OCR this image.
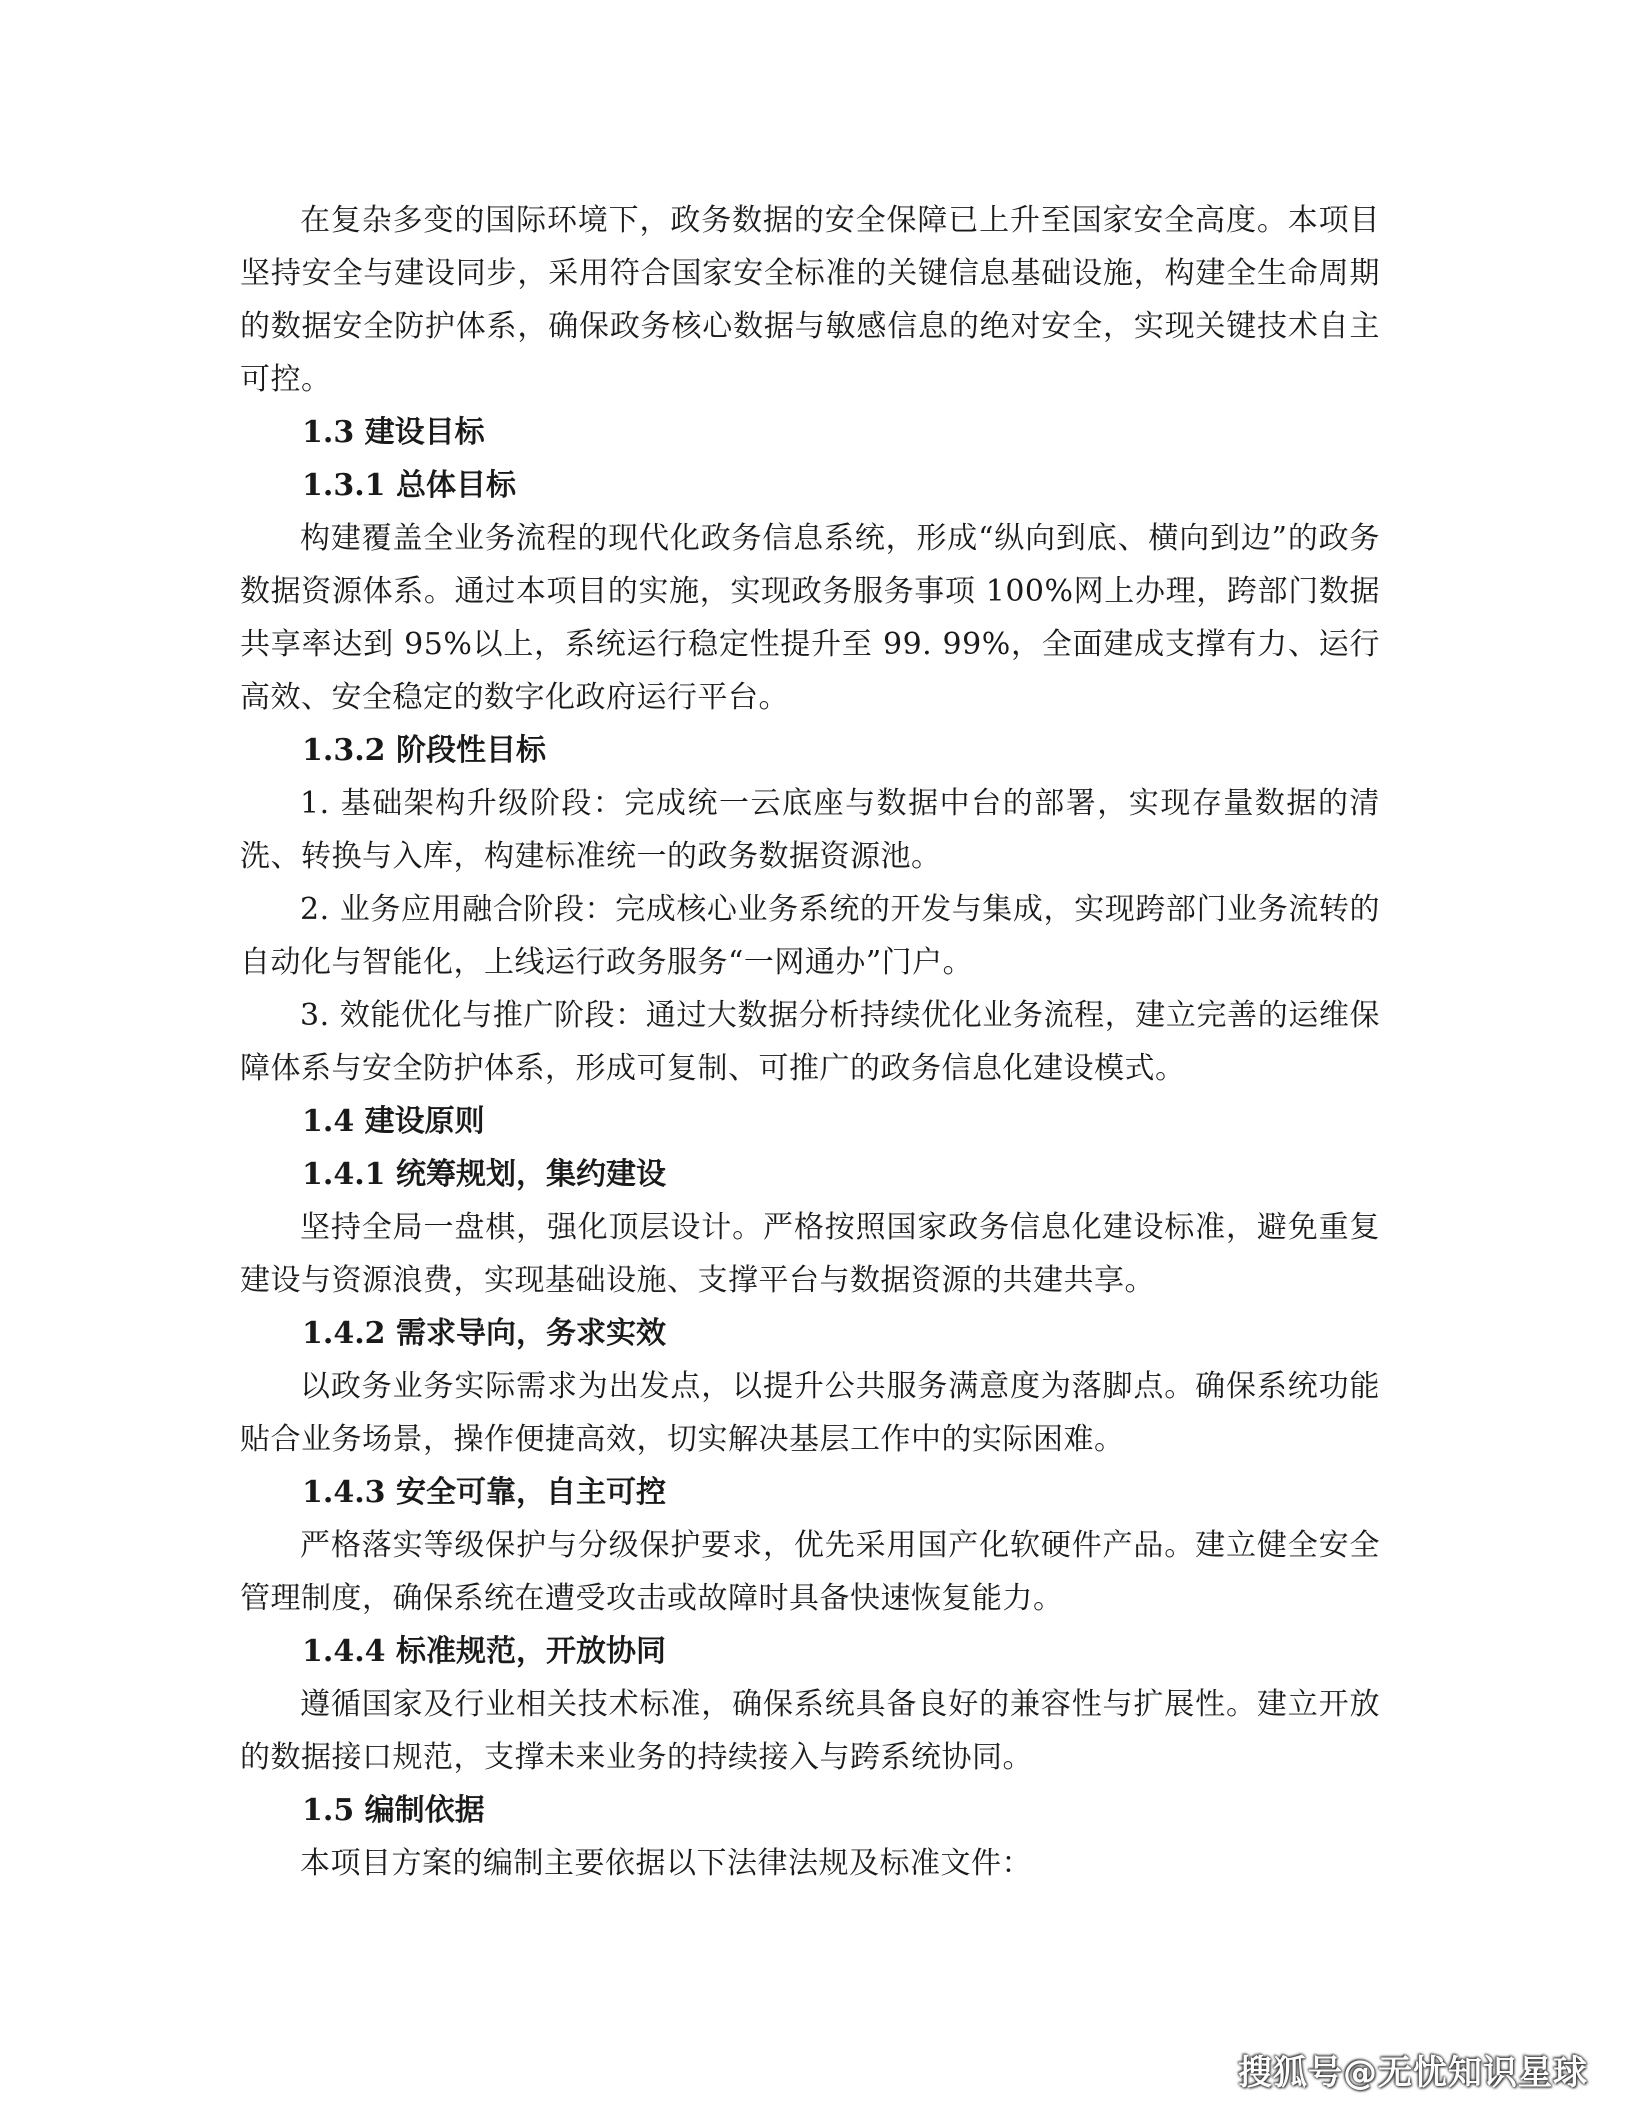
在复杂多变的国际环境下，政务数据的安全保障已上升至国家安全高度。本项目坚持安全与建设同步，采用符合国家安全标准的关键信息基础设施，构建全生命周期的数据安全防护体系，确保政务核心数据与敏感信息的绝对安全，实现关键技术自主可控。

1.3 建设目标

1.3.1 总体目标

构建覆盖全业务流程的现代化政务信息系统，形成“纵向到底、横向到边”的政务数据资源体系。通过本项目的实施，实现政务服务事项 100%网上办理，跨部门数据共享率达到 95%以上，系统运行稳定性提升至 99. 99%，全面建成支撑有力、运行高效、安全稳定的数字化政府运行平台。

1.3.2 阶段性目标

1. 基础架构升级阶段：完成统一云底座与数据中台的部署，实现存量数据的清洗、转换与入库，构建标准统一的政务数据资源池。

2. 业务应用融合阶段：完成核心业务系统的开发与集成，实现跨部门业务流转的自动化与智能化，上线运行政务服务“一网通办”门户。

3. 效能优化与推广阶段：通过大数据分析持续优化业务流程，建立完善的运维保障体系与安全防护体系，形成可复制、可推广的政务信息化建设模式。

1.4 建设原则

1.4.1 统筹规划，集约建设

坚持全局一盘棋，强化顶层设计。严格按照国家政务信息化建设标准，避免重复建设与资源浪费，实现基础设施、支撑平台与数据资源的共建共享。

1.4.2 需求导向，务求实效

以政务业务实际需求为出发点，以提升公共服务满意度为落脚点。确保系统功能贴合业务场景，操作便捷高效，切实解决基层工作中的实际困难。

1.4.3 安全可靠，自主可控

严格落实等级保护与分级保护要求，优先采用国产化软硬件产品。建立健全安全管理制度，确保系统在遭受攻击或故障时具备快速恢复能力。

1.4.4 标准规范，开放协同

遵循国家及行业相关技术标准，确保系统具备良好的兼容性与扩展性。建立开放的数据接口规范，支撑未来业务的持续接入与跨系统协同。

1.5 编制依据

本项目方案的编制主要依据以下法律法规及标准文件：

搜狐号@无忧知识星球
